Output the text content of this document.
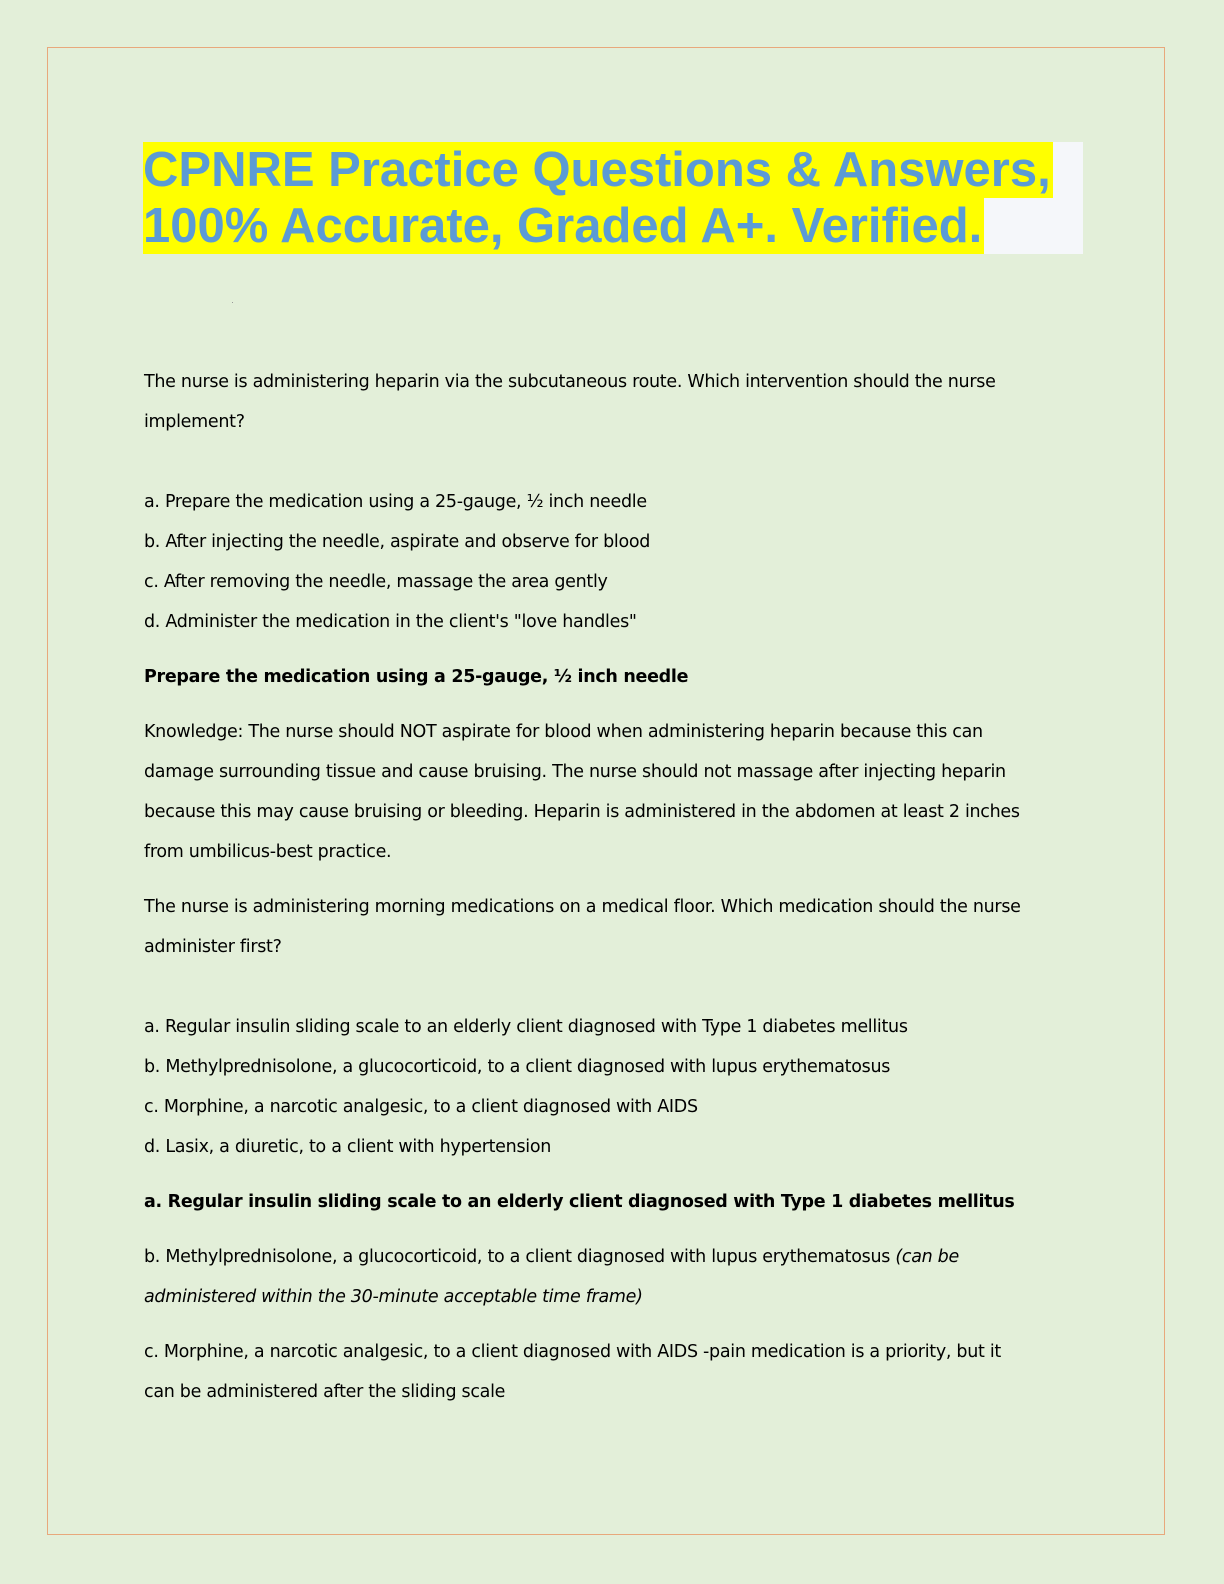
CPNRE Practice Questions & Answers,
100% Accurate, Graded A+. Verified.

The nurse is administering heparin via the subcutaneous route. Which intervention should the nurse

implement?

a. Prepare the medication using a 25-gauge, ½ inch needle

b. After injecting the needle, aspirate and observe for blood

c. After removing the needle, massage the area gently

d. Administer the medication in the client's "love handles"

Prepare the medication using a 25-gauge, ½ inch needle

Knowledge: The nurse should NOT aspirate for blood when administering heparin because this can

damage surrounding tissue and cause bruising. The nurse should not massage after injecting heparin

because this may cause bruising or bleeding. Heparin is administered in the abdomen at least 2 inches

from umbilicus-best practice.

The nurse is administering morning medications on a medical floor. Which medication should the nurse

administer first?

a. Regular insulin sliding scale to an elderly client diagnosed with Type 1 diabetes mellitus

b. Methylprednisolone, a glucocorticoid, to a client diagnosed with lupus erythematosus

c. Morphine, a narcotic analgesic, to a client diagnosed with AIDS

d. Lasix, a diuretic, to a client with hypertension

a. Regular insulin sliding scale to an elderly client diagnosed with Type 1 diabetes mellitus

b. Methylprednisolone, a glucocorticoid, to a client diagnosed with lupus erythematosus (can be

administered within the 30-minute acceptable time frame)

c. Morphine, a narcotic analgesic, to a client diagnosed with AIDS -pain medication is a priority, but it

can be administered after the sliding scale
